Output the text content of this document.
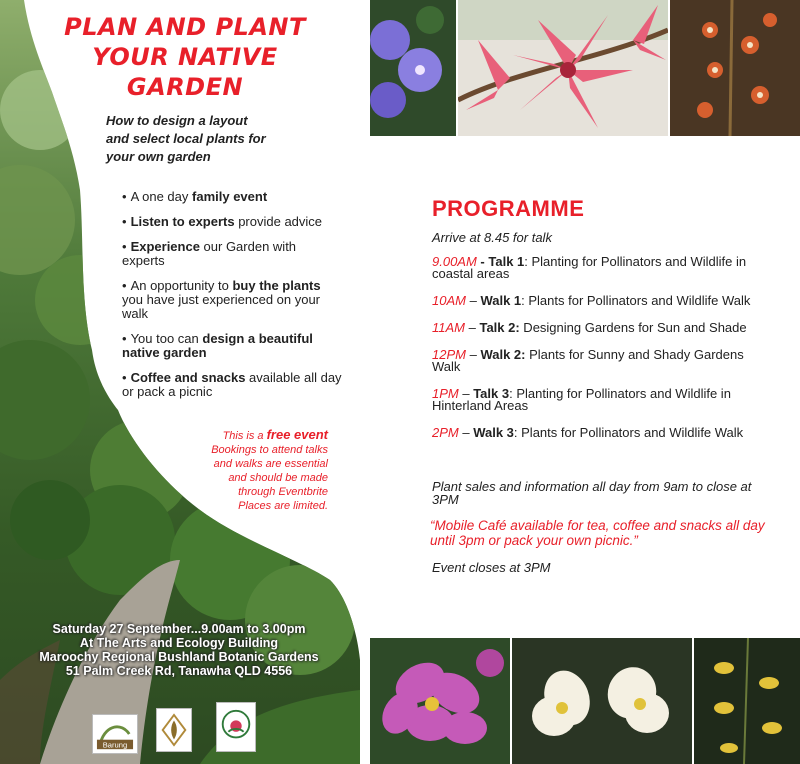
PLAN AND PLANT
YOUR NATIVE
GARDEN
How to design a layout
and select local plants for
your own garden
• A one day family event
• Listen to experts provide advice
• Experience our Garden with experts
• An opportunity to buy the plants you have just experienced on your walk
• You too can design a beautiful native garden
• Coffee and snacks available all day or pack a picnic
This is a free event
Bookings to attend talks
and walks are essential
and should be made
through Eventbrite
Places are limited.
Saturday 27 September...9.00am to 3.00pm
At The Arts and Ecology Building
Maroochy Regional Bushland Botanic Gardens
51 Palm Creek Rd, Tanawha QLD 4556
Barung
PROGRAMME
Arrive at 8.45 for talk
9.00AM - Talk 1: Planting for Pollinators and Wildlife in coastal areas
10AM – Walk 1: Plants for Pollinators and Wildlife Walk
11AM – Talk 2: Designing Gardens for Sun and Shade
12PM – Walk 2: Plants for Sunny and Shady Gardens Walk
1PM – Talk 3: Planting for Pollinators and Wildlife in Hinterland Areas
2PM – Walk 3: Plants for Pollinators and Wildlife Walk
Plant sales and information all day from 9am to close at 3PM
“Mobile Café available for tea, coffee and snacks all day until 3pm or pack your own picnic.”
Event closes at 3PM
